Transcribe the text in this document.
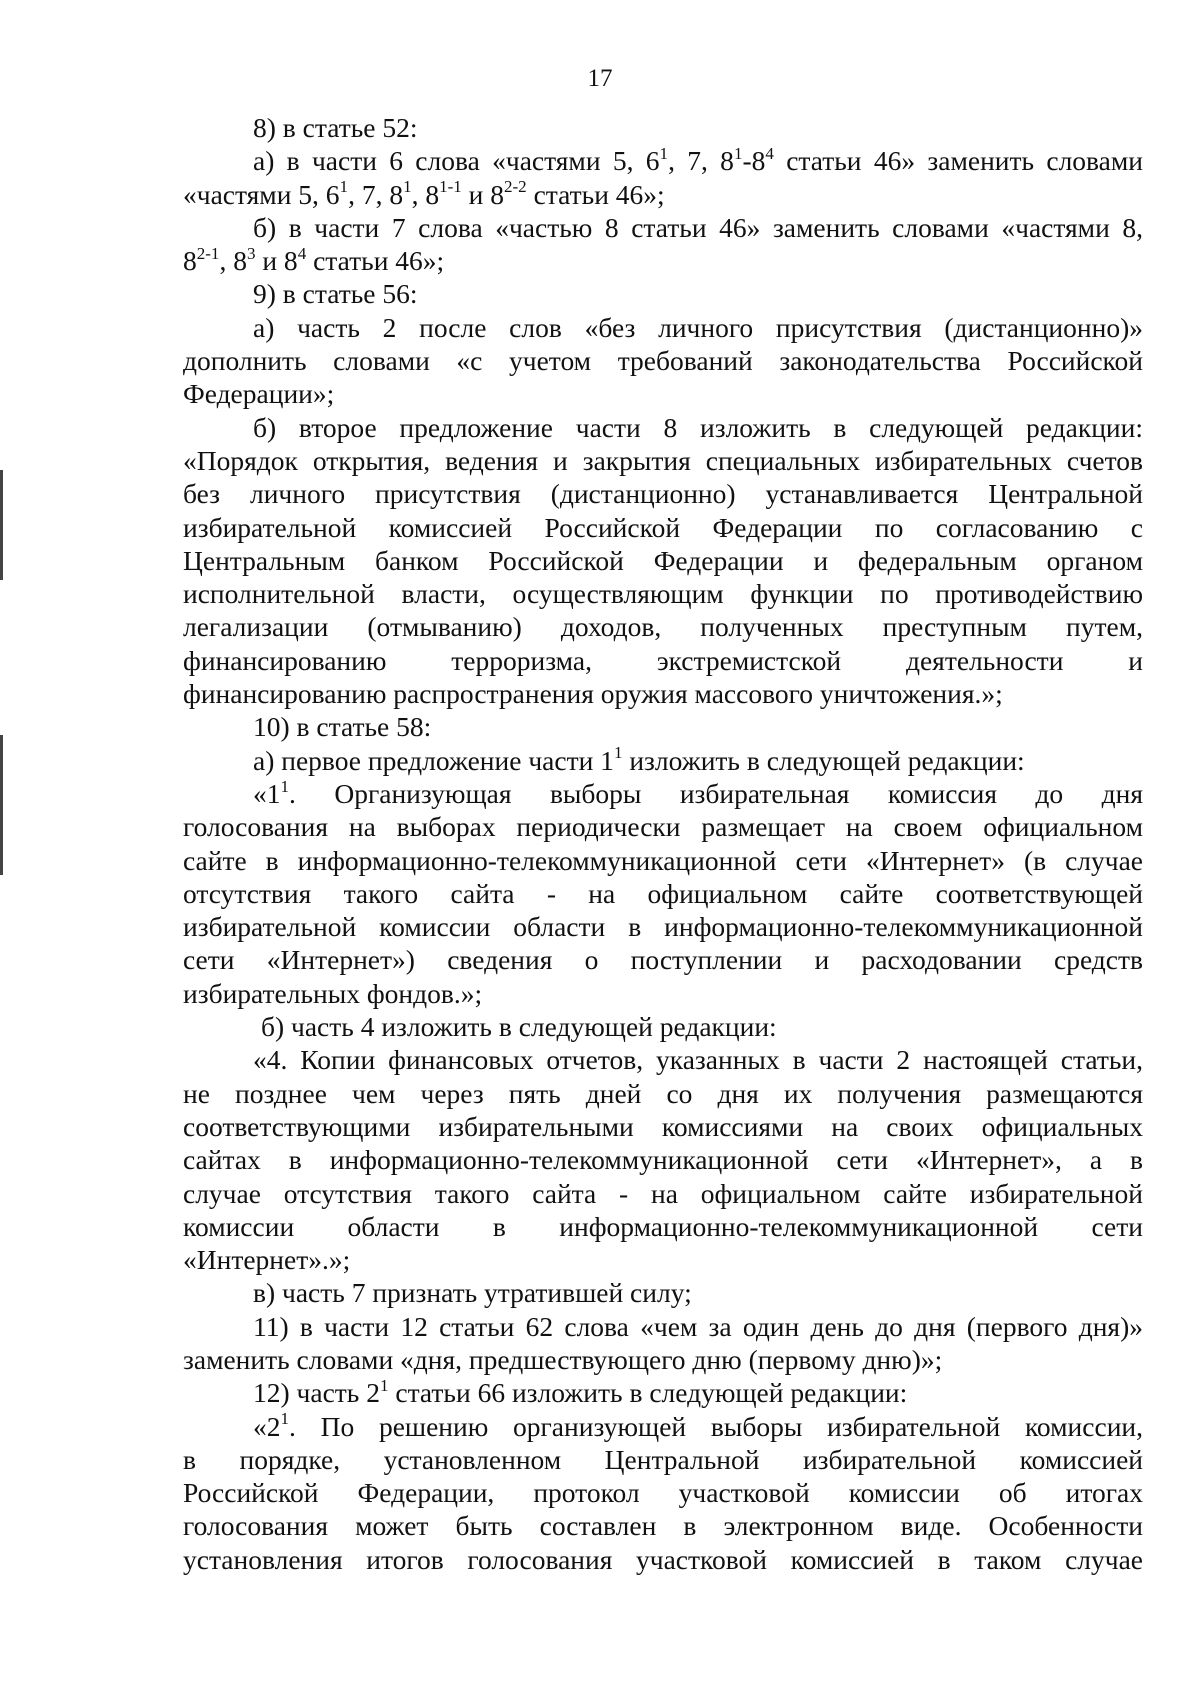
17
8) в статье 52:
а) в части 6 слова «частями 5, $6^1$, 7, $8^1-8^4$ статьи 46» заменить словами
«частями 5, $6^1$, 7, $8^1$, 8$^{1-1}$ и 8$^{2-2}$ статьи 46»;
б) в части 7 слова «частью 8 статьи 46» заменить словами «частями 8,
8$^{2-1}$, $8^3$ и $8^4$ статьи 46»;
9) в статье 56:
а) часть 2 после слов «без личного присутствия (дистанционно)»
дополнить словами «с учетом требований законодательства Российской
Федерации»;
б) второе предложение части 8 изложить в следующей редакции:
«Порядок открытия, ведения и закрытия специальных избирательных счетов
без личного присутствия (дистанционно) устанавливается Центральной
избирательной комиссией Российской Федерации по согласованию с
Центральным банком Российской Федерации и федеральным органом
исполнительной власти, осуществляющим функции по противодействию
легализации (отмыванию) доходов, полученных преступным путем,
финансированию терроризма, экстремистской деятельности и
финансированию распространения оружия массового уничтожения.»;
10) в статье 58:
а) первое предложение части $1^1$ изложить в следующей редакции:
«$1^1$. Организующая выборы избирательная комиссия до дня
голосования на выборах периодически размещает на своем официальном
сайте в информационно-телекоммуникационной сети «Интернет» (в случае
отсутствия такого сайта - на официальном сайте соответствующей
избирательной комиссии области в информационно-телекоммуникационной
сети «Интернет») сведения о поступлении и расходовании средств
избирательных фондов.»;
б) часть 4 изложить в следующей редакции:
«4. Копии финансовых отчетов, указанных в части 2 настоящей статьи,
не позднее чем через пять дней со дня их получения размещаются
соответствующими избирательными комиссиями на своих официальных
сайтах в информационно-телекоммуникационной сети «Интернет», а в
случае отсутствия такого сайта - на официальном сайте избирательной
комиссии области в информационно-телекоммуникационной сети
«Интернет».»;
в) часть 7 признать утратившей силу;
11) в части 12 статьи 62 слова «чем за один день до дня (первого дня)»
заменить словами «дня, предшествующего дню (первому дню)»;
12) часть $2^1$ статьи 66 изложить в следующей редакции:
«$2^1$. По решению организующей выборы избирательной комиссии,
в порядке, установленном Центральной избирательной комиссией
Российской Федерации, протокол участковой комиссии об итогах
голосования может быть составлен в электронном виде. Особенности
установления итогов голосования участковой комиссией в таком случае
